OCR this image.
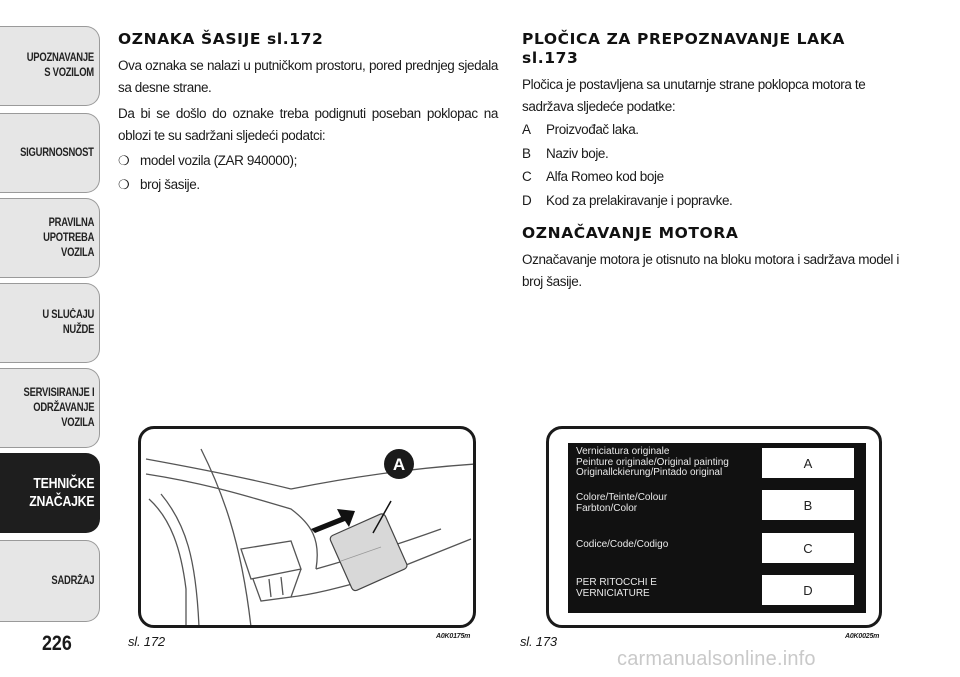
UPOZNAVANJE
S VOZILOM
SIGURNOSNOST
PRAVILNA
UPOTREBA
VOZILA
U SLUČAJU
NUŽDE
SERVISIRANJE I
ODRŽAVANJE
VOZILA
TEHNIČKE
ZNAČAJKE
SADRŽAJ
226
OZNAKA ŠASIJE sl.172

Ova oznaka se nalazi u putničkom prostoru, pored prednjeg sjedala sa desne strane.

Da bi se došlo do oznake treba podignuti poseban poklopac na oblozi te su sadržani sljedeći podatci:

❍ model vozila (ZAR 940000);
❍ broj šasije.
PLOČICA ZA PREPOZNAVANJE LAKA sl.173

Pločica je postavljena sa unutarnje strane poklopca motora te sadržava sljedeće podatke:

A	Proizvođač laka.
B	Naziv boje.
C	Alfa Romeo kod boje
D	Kod za prelakiravanje i popravke.
OZNAČAVANJE MOTORA

Označavanje motora je otisnuto na bloku motora i sadržava model i broj šasije.

A
sl. 172	A0K0175m
Verniciatura originale
Peinture originale/Original painting
Originallckierung/Pintado original
A
Colore/Teinte/Colour
Farbton/Color	B
Codice/Code/Codigo	C
PER RITOCCHI E
VERNICIATURE	D
sl. 173	A0K0025m
carmanualsonline.info
